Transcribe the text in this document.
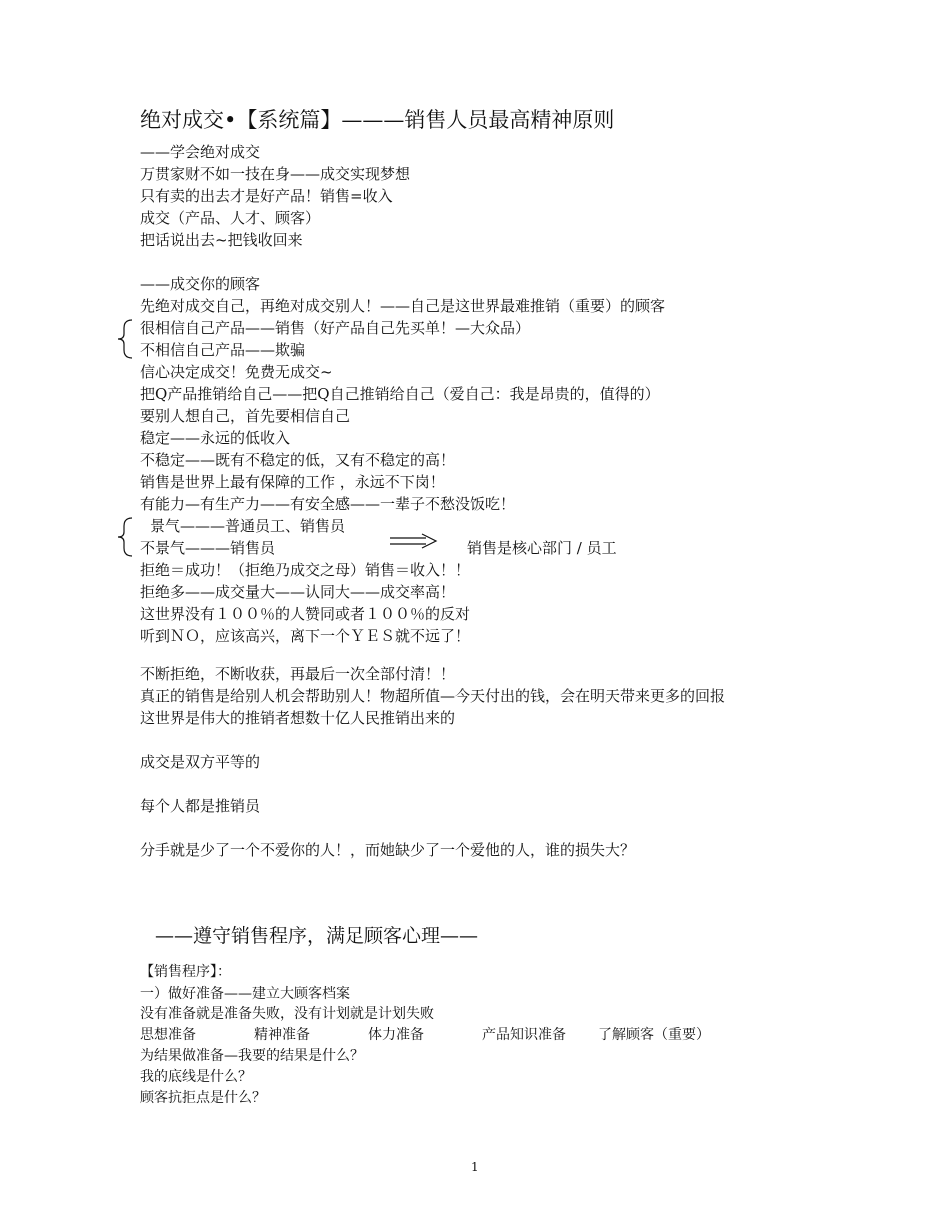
绝对成交•【系统篇】———销售人员最高精神原则
——学会绝对成交
万贯家财不如一技在身——成交实现梦想
只有卖的出去才是好产品！销售=收入
成交（产品、人才、顾客）
把话说出去~把钱收回来
——成交你的顾客
先绝对成交自己，再绝对成交别人！——自己是这世界最难推销（重要）的顾客
很相信自己产品——销售（好产品自己先买单！—大众品）
不相信自己产品——欺骗
信心决定成交！免费无成交~
把Q产品推销给自己——把Q自己推销给自己（爱自己：我是昂贵的，值得的）
要别人想自己，首先要相信自己
稳定——永远的低收入
不稳定——既有不稳定的低，又有不稳定的高！
销售是世界上最有保障的工作 ，永远不下岗！
有能力—有生产力——有安全感——一辈子不愁没饭吃！
景气———普通员工、销售员
不景气———销售员	销售是核心部门 / 员工
拒绝＝成功！（拒绝乃成交之母）销售＝收入！！
拒绝多——成交量大——认同大——成交率高！
这世界没有１００％的人赞同或者１００％的反对
听到ＮＯ，应该高兴，离下一个ＹＥＳ就不远了！
不断拒绝，不断收获，再最后一次全部付清！！
真正的销售是给别人机会帮助别人！物超所值—今天付出的钱，会在明天带来更多的回报
这世界是伟大的推销者想数十亿人民推销出来的
成交是双方平等的
每个人都是推销员
分手就是少了一个不爱你的人！，而她缺少了一个爱他的人，谁的损失大？
——遵守销售程序，满足顾客心理——
【销售程序】：
一）做好准备——建立大顾客档案
没有准备就是准备失败，没有计划就是计划失败
思想准备	精神准备	体力准备	产品知识准备 了解顾客（重要）
为结果做准备—我要的结果是什么？
我的底线是什么？
顾客抗拒点是什么？
1
